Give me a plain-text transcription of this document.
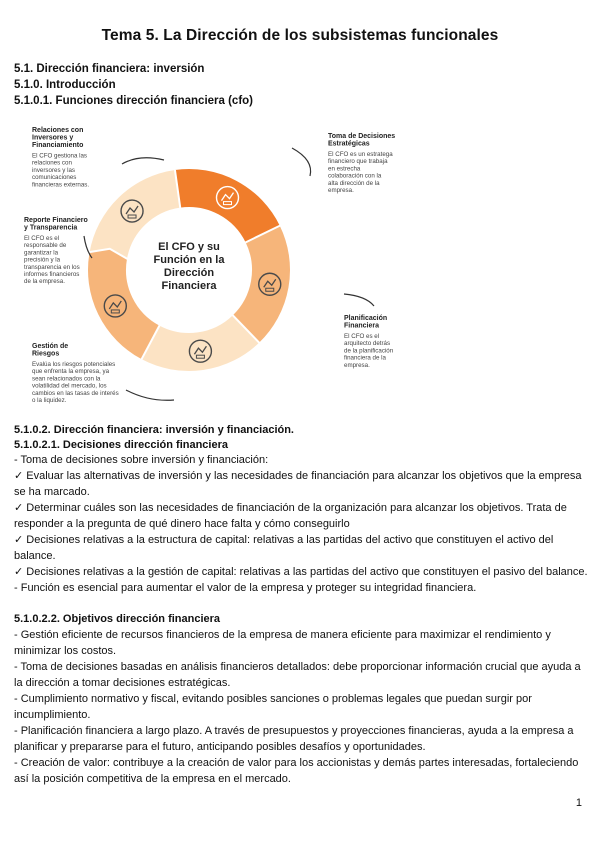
Tema 5. La Dirección de los subsistemas funcionales
5.1. Dirección financiera: inversión
5.1.0. Introducción
5.1.0.1. Funciones dirección financiera (cfo)
El CFO y su
Función en la
Dirección
Financiera
Relaciones con
Inversores y
Financiamiento
El CFO gestiona las
relaciones con
inversores y las
comunicaciones
financieras externas.
Toma de Decisiones
Estratégicas
El CFO es un estratega
financiero que trabaja
en estrecha
colaboración con la
alta dirección de la
empresa.
Reporte Financiero
y Transparencia
El CFO es el
responsable de
garantizar la
precisión y la
transparencia en los
informes financieros
de la empresa.
Planificación
Financiera
El CFO es el
arquitecto detrás
de la planificación
financiera de la
empresa.
Gestión de
Riesgos
Evalúa los riesgos potenciales
que enfrenta la empresa, ya
sean relacionados con la
volatilidad del mercado, los
cambios en las tasas de interés
o la liquidez.
5.1.0.2. Dirección financiera: inversión y financiación.
5.1.0.2.1. Decisiones dirección financiera
- Toma de decisiones sobre inversión y financiación:
✓ Evaluar las alternativas de inversión y las necesidades de financiación para alcanzar los objetivos que la empresa se ha marcado.
✓ Determinar cuáles son las necesidades de financiación de la organización para alcanzar los objetivos. Trata de responder a la pregunta de qué dinero hace falta y cómo conseguirlo
✓ Decisiones relativas a la estructura de capital: relativas a las partidas del activo que constituyen el activo del balance.
✓ Decisiones relativas a la gestión de capital: relativas a las partidas del activo que constituyen el pasivo del balance.
- Función es esencial para aumentar el valor de la empresa y proteger su integridad financiera.
5.1.0.2.2. Objetivos dirección financiera
- Gestión eficiente de recursos financieros de la empresa de manera eficiente para maximizar el rendimiento y minimizar los costos.
- Toma de decisiones basadas en análisis financieros detallados: debe proporcionar información crucial que ayuda a la dirección a tomar decisiones estratégicas.
- Cumplimiento normativo y fiscal, evitando posibles sanciones o problemas legales que puedan surgir por incumplimiento.
- Planificación financiera a largo plazo. A través de presupuestos y proyecciones financieras, ayuda a la empresa a planificar y prepararse para el futuro, anticipando posibles desafíos y oportunidades.
- Creación de valor: contribuye a la creación de valor para los accionistas y demás partes interesadas, fortaleciendo así la posición competitiva de la empresa en el mercado.
1
